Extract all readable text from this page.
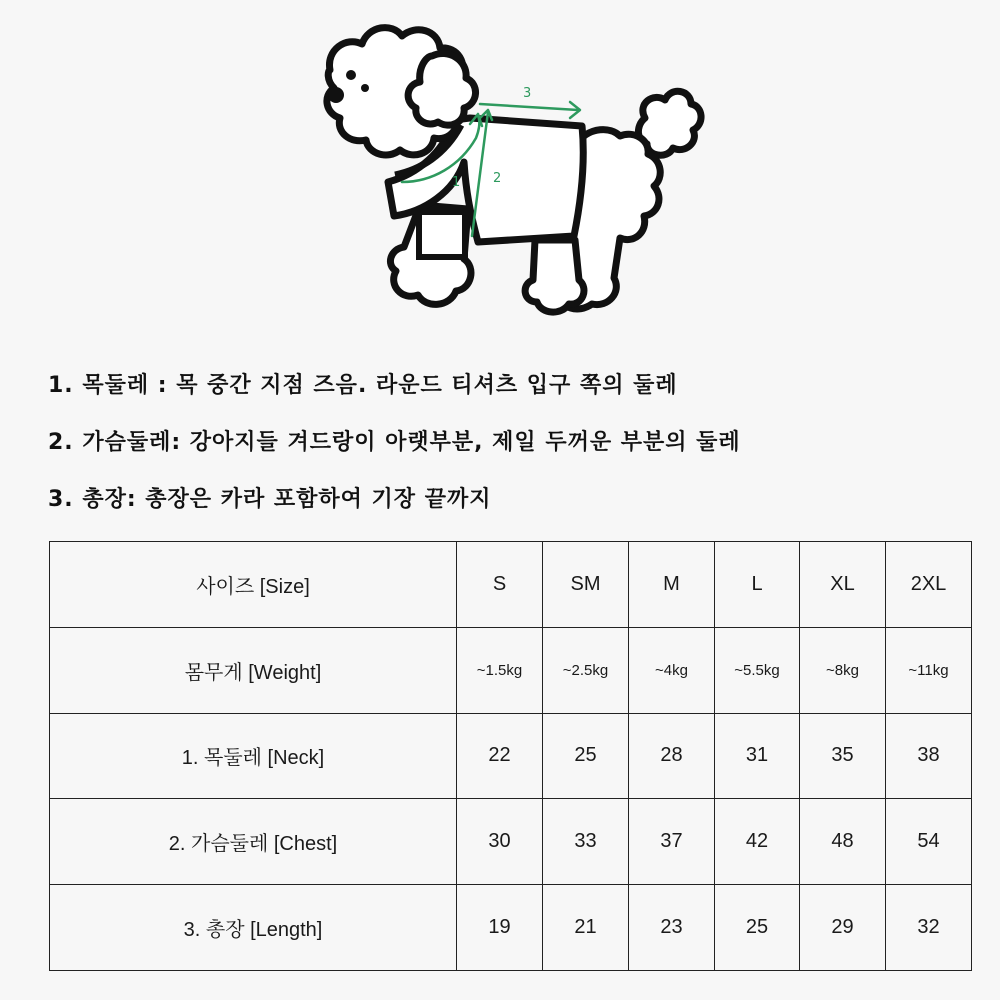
1	2
3
1. 목둘레 : 목 중간 지점 즈음. 라운드 티셔츠 입구 쪽의 둘레
2. 가슴둘레: 강아지들 겨드랑이 아랫부분, 제일 두꺼운 부분의 둘레
3. 총장: 총장은 카라 포함하여 기장 끝까지
사이즈 [Size]	S	SM	M	L	XL	2XL
몸무게 [Weight]	~1.5kg	~2.5kg	~4kg	~5.5kg	~8kg	~11kg
1. 목둘레 [Neck]	22	25	28	31	35	38
2. 가슴둘레 [Chest]	30	33	37	42	48	54
3. 총장 [Length]	19	21	23	25	29	32
